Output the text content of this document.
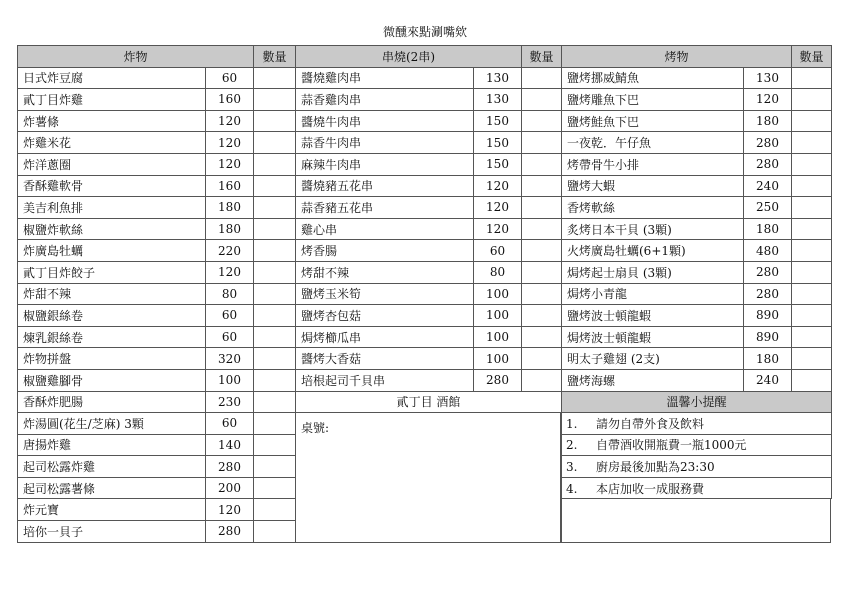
微醺來點涮嘴欸
炸物		數量
日式炸豆腐	60	
貳丁目炸雞	160	
炸薯條	120	
炸雞米花	120	
炸洋蔥圈	120	
香酥雞軟骨	160	
美吉利魚排	180	
椒鹽炸軟絲	180	
炸廣島牡蠣	220	
貳丁目炸餃子	120	
炸甜不辣	80	
椒鹽銀絲卷	60	
煉乳銀絲卷	60	
炸物拼盤	320	
椒鹽雞腳骨	100	
香酥炸肥腸	230	
炸湯圓(花生/芝麻) 3顆	60	
唐揚炸雞	140	
起司松露炸雞	280	
起司松露薯條	200	
炸元寶	120	
培你一貝子	280	
串燒(2串)		數量
醬燒雞肉串	130	
蒜香雞肉串	130	
醬燒牛肉串	150	
蒜香牛肉串	150	
麻辣牛肉串	150	
醬燒豬五花串	120	
蒜香豬五花串	120	
雞心串	120	
烤香腸	60	
烤甜不辣	80	
鹽烤玉米筍	100	
鹽烤杏包菇	100	
焗烤櫛瓜串	100	
醬烤大香菇	100	
培根起司千貝串	280	
貳丁目 酒館		
烤物		數量
鹽烤挪威鯖魚	130	
鹽烤雕魚下巴	120	
鹽烤鮭魚下巴	180	
一夜乾．午仔魚	280	
烤帶骨牛小排	280	
鹽烤大蝦	240	
香烤軟絲	250	
炙烤日本干貝 (3顆)	180	
火烤廣島牡蠣(6+1顆)	480	
焗烤起士扇貝 (3顆)	280	
焗烤小青龍	280	
鹽烤波士頓龍蝦	890	
焗烤波士頓龍蝦	890	
明太子雞翅 (2支)	180	
鹽烤海螺	240	
溫馨小提醒		
1. 請勿自帶外食及飲料		
2. 自帶酒收開瓶費一瓶1000元		
3. 廚房最後加點為23:30		
4. 本店加收一成服務費		
桌號:
